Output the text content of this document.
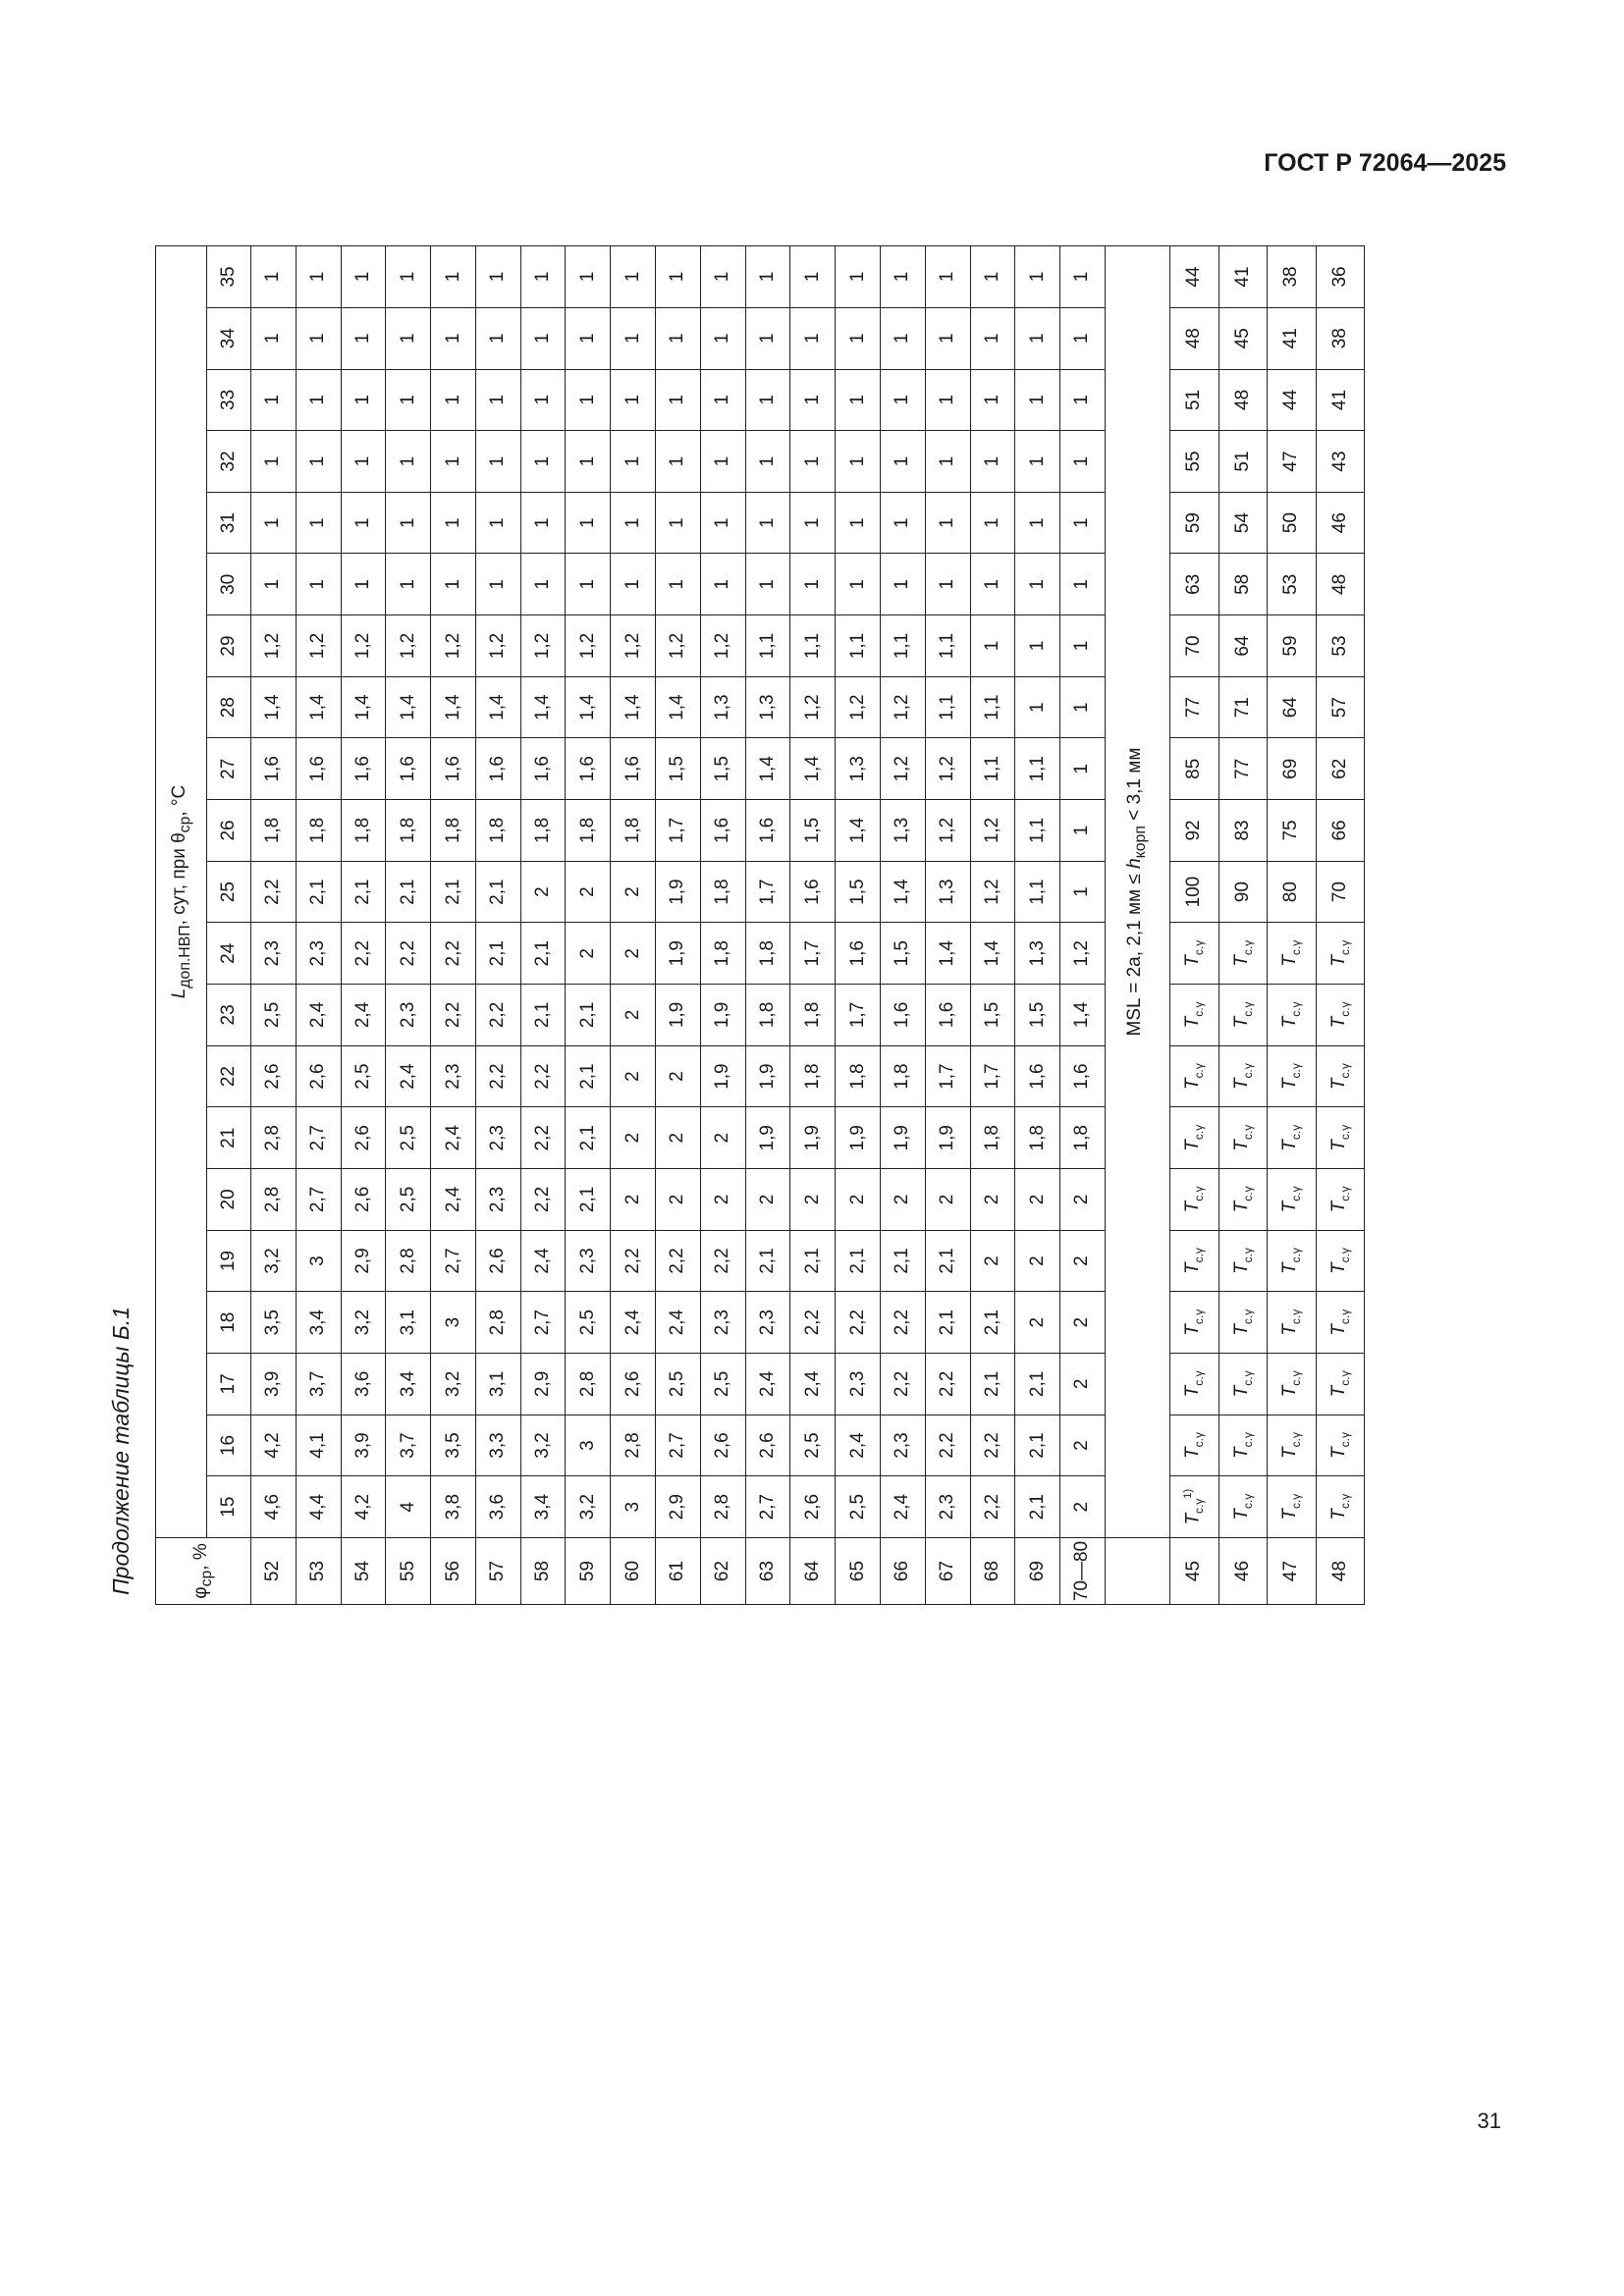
ГОСТ Р 72064—2025
31
Продолжение таблицы Б.1	$\varphi_{ср}$, %	$L_{доп.НВП}$, сут, при $\theta_{ср}$, °С																				
	15	16	17	18	19	20	21	22	23	24	25	26	27	28	29	30	31	32	33	34	35
52	4,6	4,2	3,9	3,5	3,2	2,8	2,8	2,6	2,5	2,3	2,2	1,8	1,6	1,4	1,2	1	1	1	1	1	1
53	4,4	4,1	3,7	3,4	3	2,7	2,7	2,6	2,4	2,3	2,1	1,8	1,6	1,4	1,2	1	1	1	1	1	1
54	4,2	3,9	3,6	3,2	2,9	2,6	2,6	2,5	2,4	2,2	2,1	1,8	1,6	1,4	1,2	1	1	1	1	1	1
55	4	3,7	3,4	3,1	2,8	2,5	2,5	2,4	2,3	2,2	2,1	1,8	1,6	1,4	1,2	1	1	1	1	1	1
56	3,8	3,5	3,2	3	2,7	2,4	2,4	2,3	2,2	2,2	2,1	1,8	1,6	1,4	1,2	1	1	1	1	1	1
57	3,6	3,3	3,1	2,8	2,6	2,3	2,3	2,2	2,2	2,1	2,1	1,8	1,6	1,4	1,2	1	1	1	1	1	1
58	3,4	3,2	2,9	2,7	2,4	2,2	2,2	2,2	2,1	2,1	2	1,8	1,6	1,4	1,2	1	1	1	1	1	1
59	3,2	3	2,8	2,5	2,3	2,1	2,1	2,1	2,1	2	2	1,8	1,6	1,4	1,2	1	1	1	1	1	1
60	3	2,8	2,6	2,4	2,2	2	2	2	2	2	2	1,8	1,6	1,4	1,2	1	1	1	1	1	1
61	2,9	2,7	2,5	2,4	2,2	2	2	2	1,9	1,9	1,9	1,7	1,5	1,4	1,2	1	1	1	1	1	1
62	2,8	2,6	2,5	2,3	2,2	2	2	1,9	1,9	1,8	1,8	1,6	1,5	1,3	1,2	1	1	1	1	1	1
63	2,7	2,6	2,4	2,3	2,1	2	1,9	1,9	1,8	1,8	1,7	1,6	1,4	1,3	1,1	1	1	1	1	1	1
64	2,6	2,5	2,4	2,2	2,1	2	1,9	1,8	1,8	1,7	1,6	1,5	1,4	1,2	1,1	1	1	1	1	1	1
65	2,5	2,4	2,3	2,2	2,1	2	1,9	1,8	1,7	1,6	1,5	1,4	1,3	1,2	1,1	1	1	1	1	1	1
66	2,4	2,3	2,2	2,2	2,1	2	1,9	1,8	1,6	1,5	1,4	1,3	1,2	1,2	1,1	1	1	1	1	1	1
67	2,3	2,2	2,2	2,1	2,1	2	1,9	1,7	1,6	1,4	1,3	1,2	1,2	1,1	1,1	1	1	1	1	1	1
68	2,2	2,2	2,1	2,1	2	2	1,8	1,7	1,5	1,4	1,2	1,2	1,1	1,1	1	1	1	1	1	1	1
69	2,1	2,1	2,1	2	2	2	1,8	1,6	1,5	1,3	1,1	1,1	1,1	1	1	1	1	1	1	1	1
70—80	2	2	2	2	2	2	1,8	1,6	1,4	1,2	1	1	1	1	1	1	1	1	1	1	1
	MSL = 2a, 2,1 мм ≤ $h_{корп} < 3,1$ мм																				
45	$T_{c.\gamma}^{1)}$	$T_{c.\gamma}$	$T_{c.\gamma}$	$T_{c.\gamma}$	$T_{c.\gamma}$	$T_{c.\gamma}$	$T_{c.\gamma}$	$T_{c.\gamma}$	$T_{c.\gamma}$	$T_{c.\gamma}$	100	92	85	77	70	63	59	55	51	48	44
46	$T_{c.\gamma}$	$T_{c.\gamma}$	$T_{c.\gamma}$	$T_{c.\gamma}$	$T_{c.\gamma}$	$T_{c.\gamma}$	$T_{c.\gamma}$	$T_{c.\gamma}$	$T_{c.\gamma}$	$T_{c.\gamma}$	90	83	77	71	64	58	54	51	48	45	41
47	$T_{c.\gamma}$	$T_{c.\gamma}$	$T_{c.\gamma}$	$T_{c.\gamma}$	$T_{c.\gamma}$	$T_{c.\gamma}$	$T_{c.\gamma}$	$T_{c.\gamma}$	$T_{c.\gamma}$	$T_{c.\gamma}$	80	75	69	64	59	53	50	47	44	41	38
48	$T_{c.\gamma}$	$T_{c.\gamma}$	$T_{c.\gamma}$	$T_{c.\gamma}$	$T_{c.\gamma}$	$T_{c.\gamma}$	$T_{c.\gamma}$	$T_{c.\gamma}$	$T_{c.\gamma}$	$T_{c.\gamma}$	70	66	62	57	53	48	46	43	41	38	36
